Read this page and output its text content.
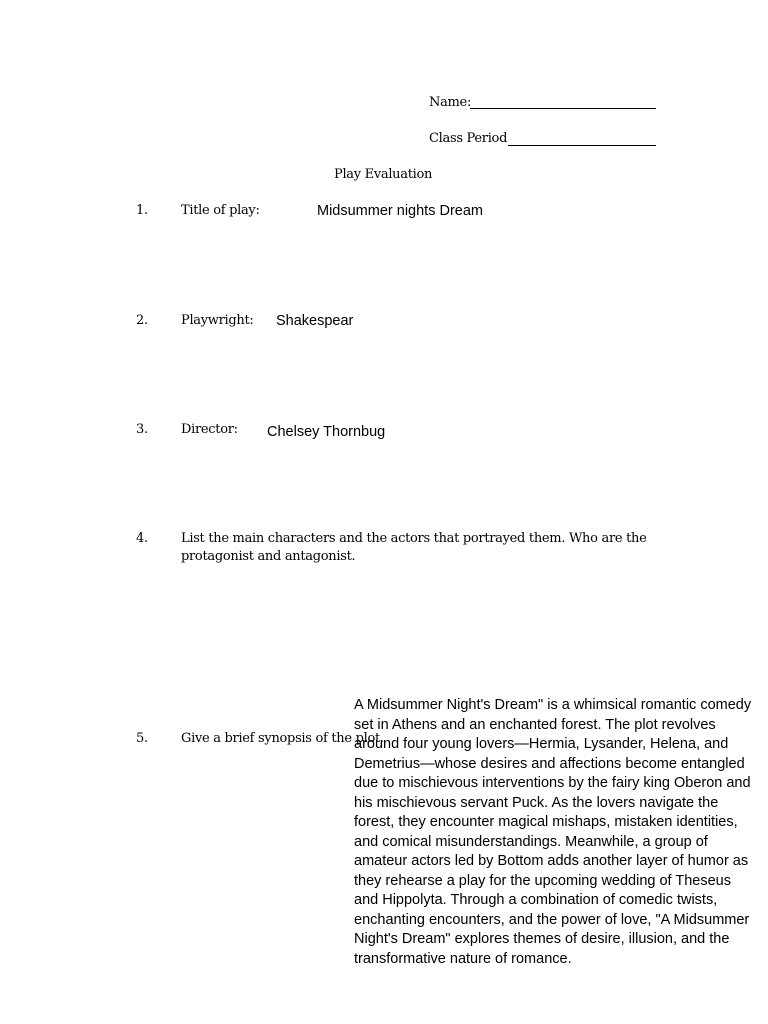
Name:
Class Period
Play Evaluation
1.	Title of play:	Midsummer nights Dream
2.	Playwright: Shakespear
3.	Director: Chelsey Thornbug
4.	List the main characters and the actors that portrayed them. Who are the
protagonist and antagonist.
5.	Give a brief synopsis of the plot.
A Midsummer Night's Dream" is a whimsical romantic comedy
set in Athens and an enchanted forest. The plot revolves
around four young lovers—Hermia, Lysander, Helena, and
Demetrius—whose desires and affections become entangled
due to mischievous interventions by the fairy king Oberon and
his mischievous servant Puck. As the lovers navigate the
forest, they encounter magical mishaps, mistaken identities,
and comical misunderstandings. Meanwhile, a group of
amateur actors led by Bottom adds another layer of humor as
they rehearse a play for the upcoming wedding of Theseus
and Hippolyta. Through a combination of comedic twists,
enchanting encounters, and the power of love, "A Midsummer
Night's Dream" explores themes of desire, illusion, and the
transformative nature of romance.
